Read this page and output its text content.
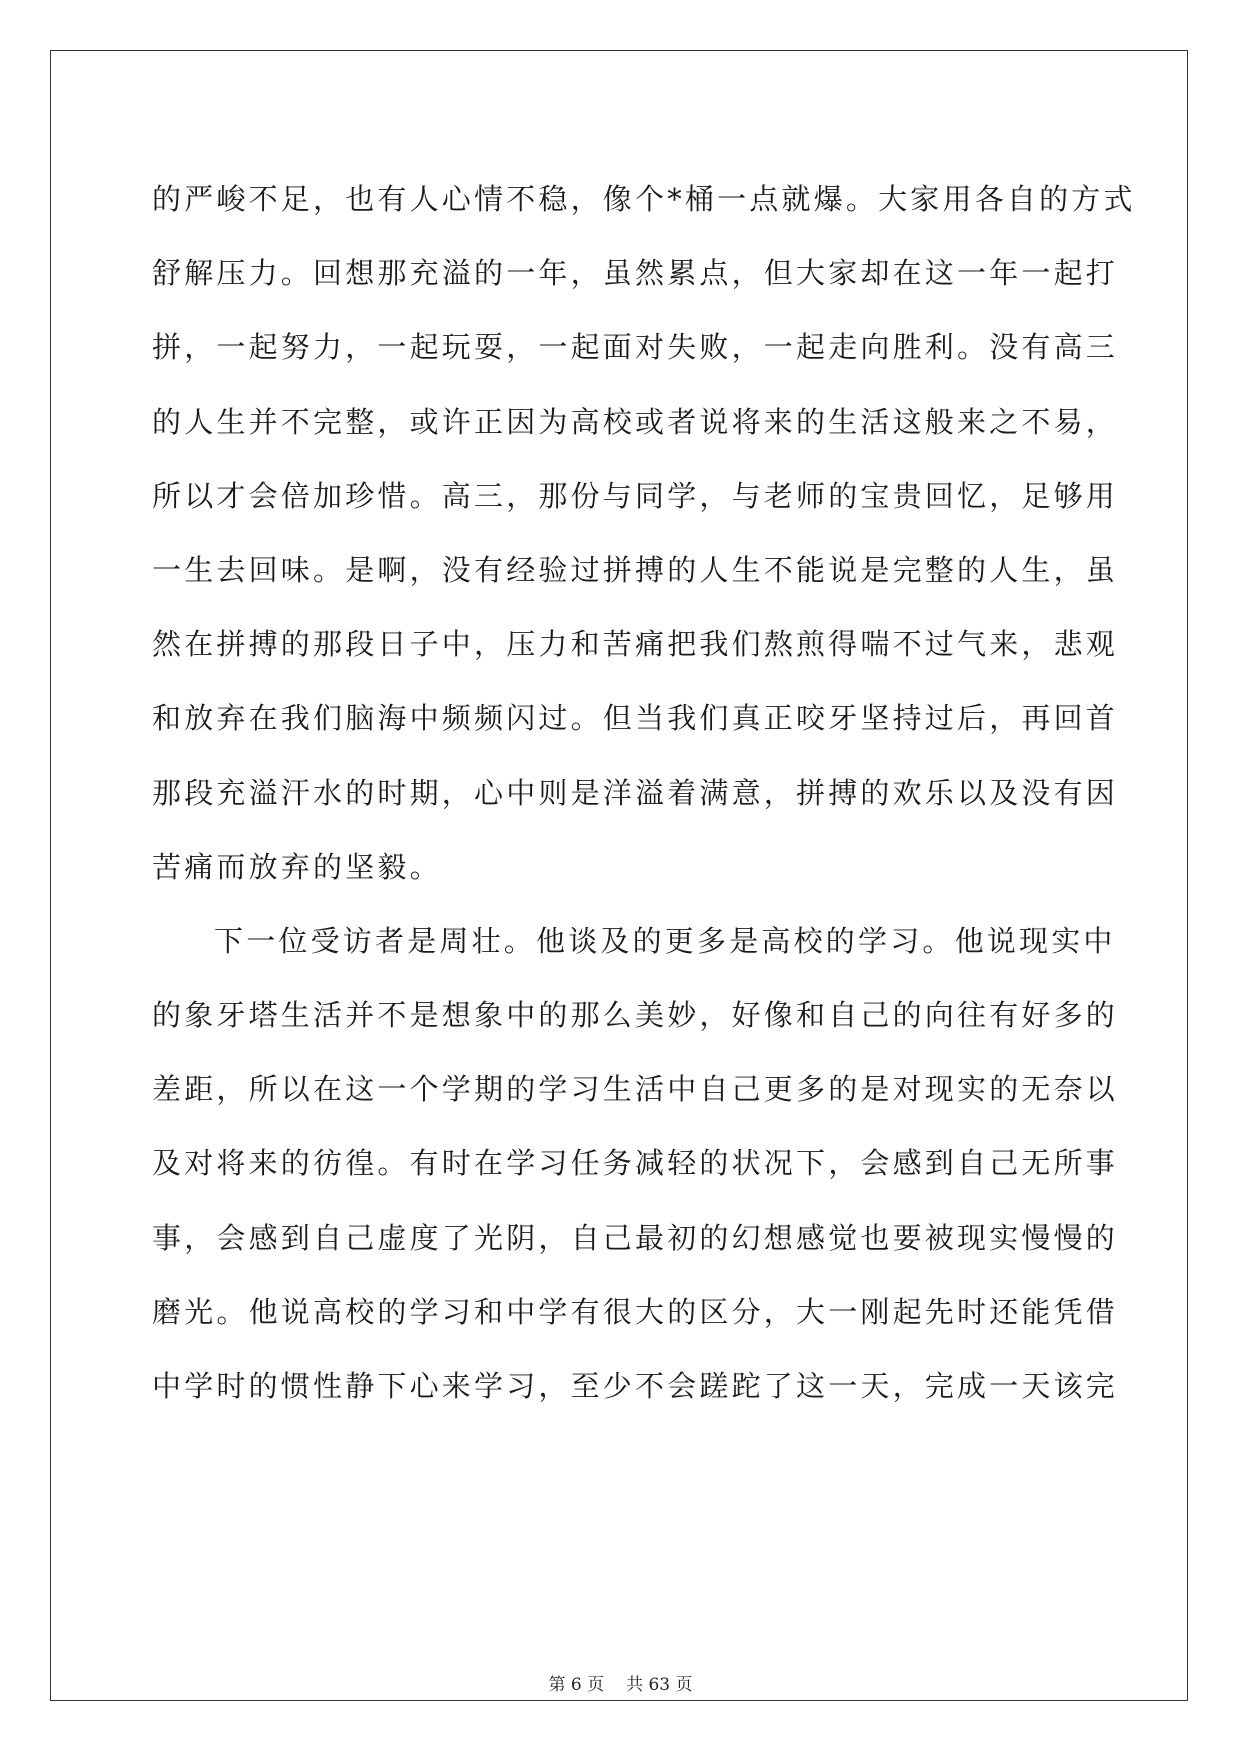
的严峻不足，也有人心情不稳，像个*桶一点就爆。大家用各自的方式
舒解压力。回想那充溢的一年，虽然累点，但大家却在这一年一起打
拼，一起努力，一起玩耍，一起面对失败，一起走向胜利。没有高三
的人生并不完整，或许正因为高校或者说将来的生活这般来之不易，
所以才会倍加珍惜。高三，那份与同学，与老师的宝贵回忆，足够用
一生去回味。是啊，没有经验过拼搏的人生不能说是完整的人生，虽
然在拼搏的那段日子中，压力和苦痛把我们熬煎得喘不过气来，悲观
和放弃在我们脑海中频频闪过。但当我们真正咬牙坚持过后，再回首
那段充溢汗水的时期，心中则是洋溢着满意，拼搏的欢乐以及没有因
苦痛而放弃的坚毅。
下一位受访者是周壮。他谈及的更多是高校的学习。他说现实中
的象牙塔生活并不是想象中的那么美妙，好像和自己的向往有好多的
差距，所以在这一个学期的学习生活中自己更多的是对现实的无奈以
及对将来的彷徨。有时在学习任务减轻的状况下，会感到自己无所事
事，会感到自己虚度了光阴，自己最初的幻想感觉也要被现实慢慢的
磨光。他说高校的学习和中学有很大的区分，大一刚起先时还能凭借
中学时的惯性静下心来学习，至少不会蹉跎了这一天，完成一天该完
第 6 页 共 63 页
